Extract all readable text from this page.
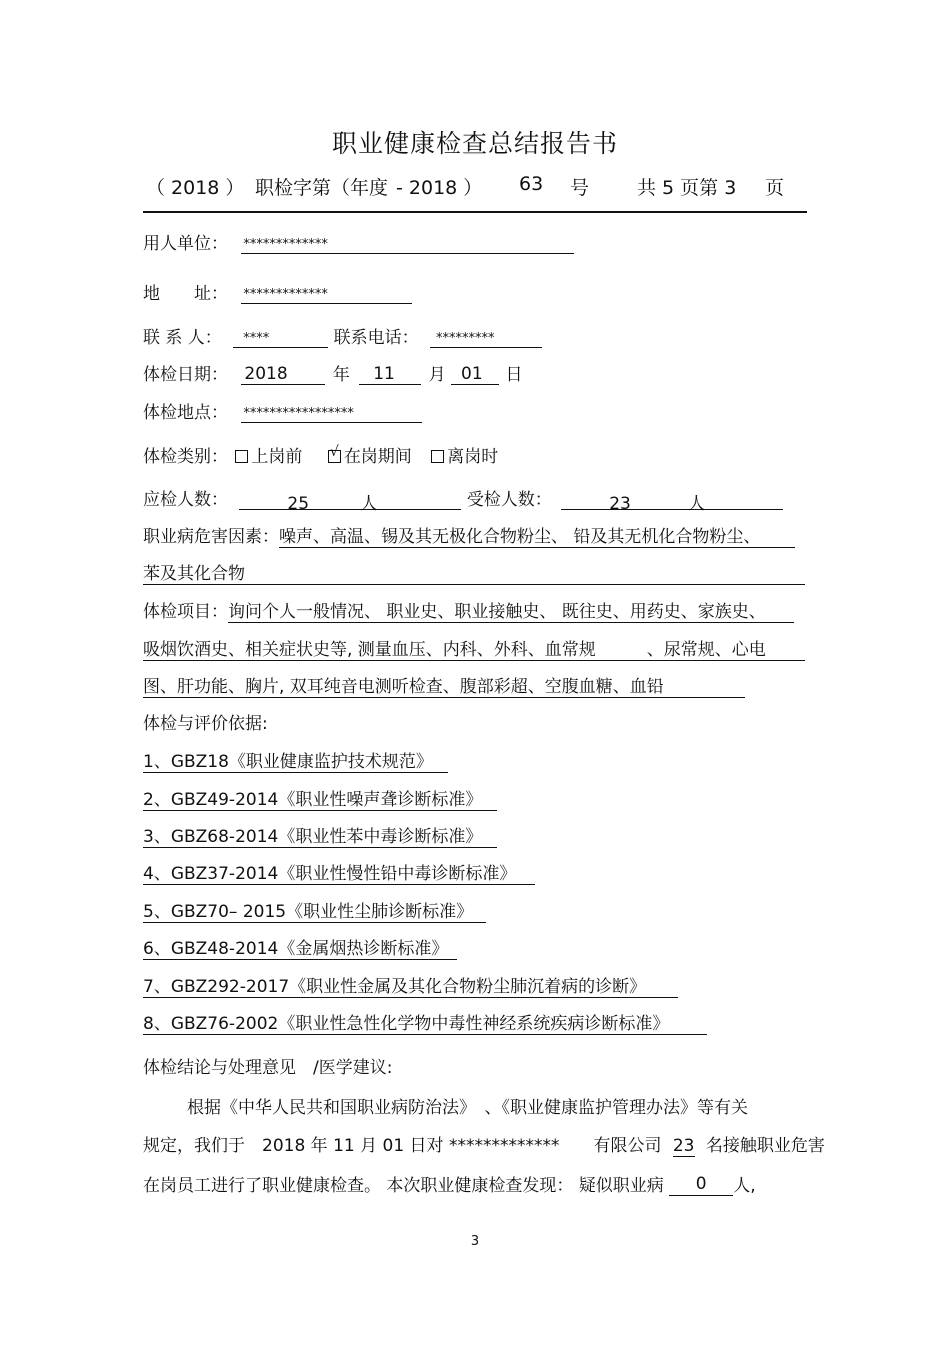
职业健康检查总结报告书
（ 2018 ） 职检字第（年度 - 2018 ） 63 号	共 5 页第 3 页
用人单位： *************
地　　址： *************
联 系 人： ****	联系电话： *********
体检日期： 2018	年 11 月 01 日
体检地点： *****************
体检类别： 上岗前 √ 在岗期间 离岗时
应检人数：	25	人	受检人数：	23	人
职业病危害因素：噪声、高温、锡及其无极化合物粉尘、 铅及其无机化合物粉尘、
苯及其化合物
体检项目：询问个人一般情况、 职业史、职业接触史、 既往史、用药史、家族史、
吸烟饮酒史、相关症状史等, 测量血压、内科、外科、血常规　　　、尿常规、心电
图、肝功能、胸片, 双耳纯音电测听检查、腹部彩超、空腹血糖、血铅
体检与评价依据:
1、GBZ18《职业健康监护技术规范》
2、GBZ49-2014《职业性噪声聋诊断标准》
3、GBZ68-2014《职业性苯中毒诊断标准》
4、GBZ37-2014《职业性慢性铅中毒诊断标准》
5、GBZ70– 2015《职业性尘肺诊断标准》
6、GBZ48-2014《金属烟热诊断标准》
7、GBZ292-2017《职业性金属及其化合物粉尘肺沉着病的诊断》
8、GBZ76-2002《职业性急性化学物中毒性神经系统疾病诊断标准》
体检结论与处理意见　/医学建议:
根据《中华人民共和国职业病防治法》　、《职业健康监护管理办法》等有关
规定，我们于　2018 年 11 月 01 日对 *************　　有限公司 23 名接触职业危害
在岗员工进行了职业健康检查。 本次职业健康检查发现： 疑似职业病 0 人,
3
